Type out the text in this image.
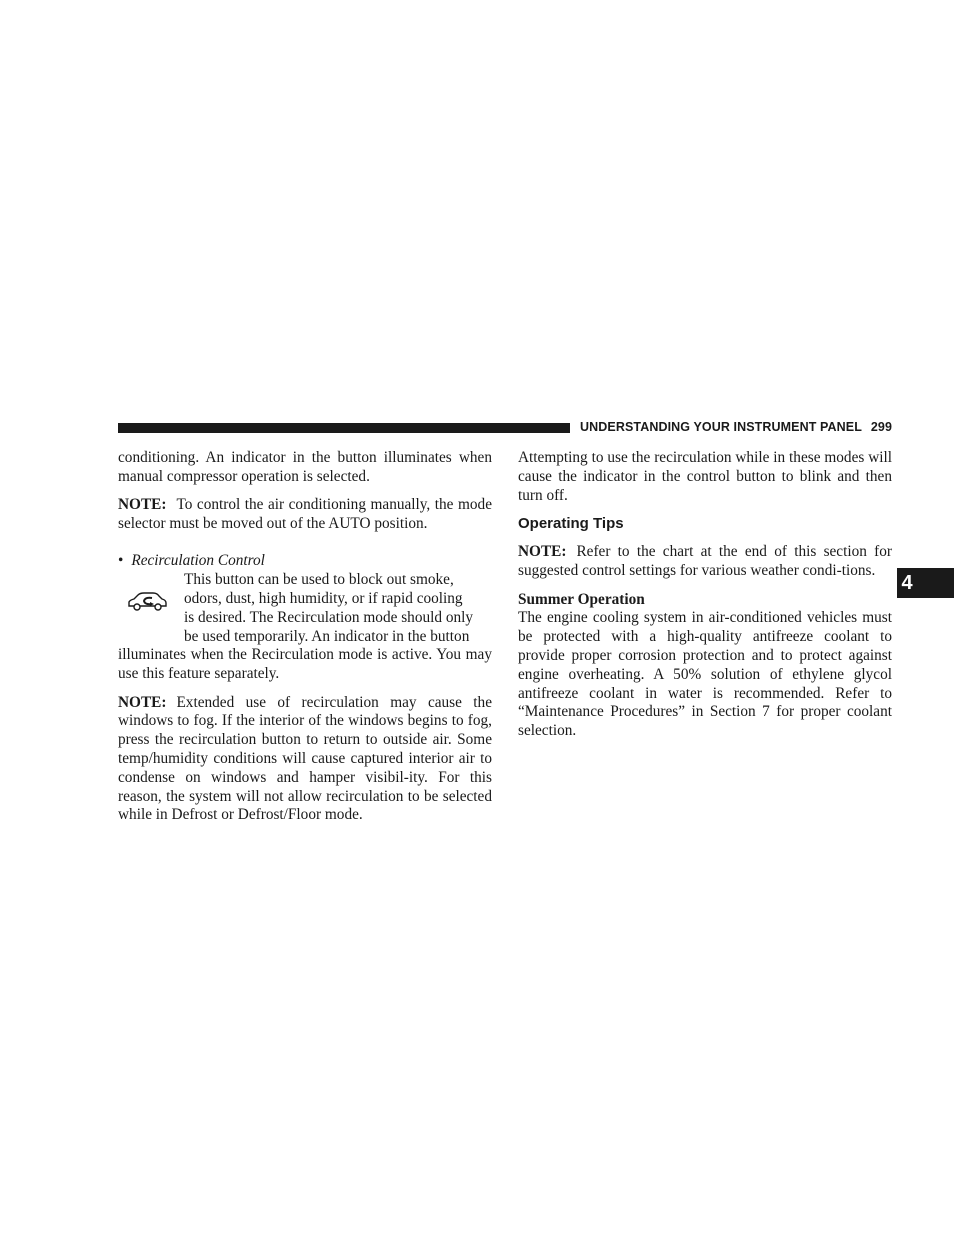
UNDERSTANDING YOUR INSTRUMENT PANEL 299

conditioning. An indicator in the button illuminates when manual compressor operation is selected.

NOTE: To control the air conditioning manually, the mode selector must be moved out of the AUTO position.

• Recirculation Control

This button can be used to block out smoke,
odors, dust, high humidity, or if rapid cooling
is desired. The Recirculation mode should only
be used temporarily. An indicator in the button
illuminates when the Recirculation mode is active. You may use this feature separately.

NOTE: Extended use of recirculation may cause the windows to fog. If the interior of the windows begins to fog, press the recirculation button to return to outside air. Some temp/humidity conditions will cause captured interior air to condense on windows and hamper visibil-ity. For this reason, the system will not allow recirculation to be selected while in Defrost or Defrost/Floor mode.

Attempting to use the recirculation while in these modes will cause the indicator in the control button to blink and then turn off.

Operating Tips

NOTE: Refer to the chart at the end of this section for suggested control settings for various weather condi-tions.

Summer Operation

The engine cooling system in air-conditioned vehicles must be protected with a high-quality antifreeze coolant to provide proper corrosion protection and to protect against engine overheating. A 50% solution of ethylene glycol antifreeze coolant in water is recommended. Refer to “Maintenance Procedures” in Section 7 for proper coolant selection.

4
